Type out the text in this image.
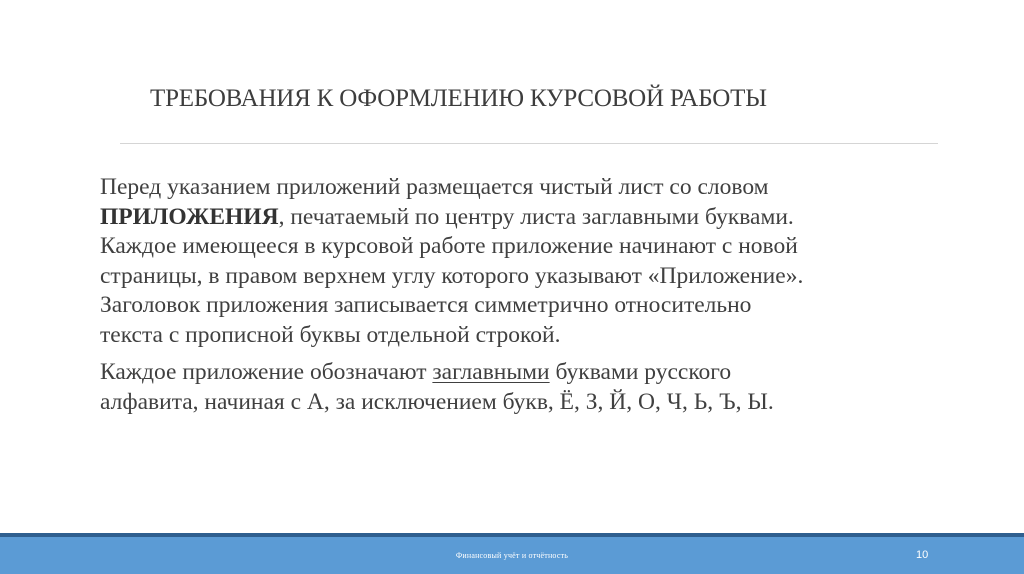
ТРЕБОВАНИЯ К ОФОРМЛЕНИЮ КУРСОВОЙ РАБОТЫ

Перед указанием приложений размещается чистый лист со словом
ПРИЛОЖЕНИЯ, печатаемый по центру листа заглавными буквами.
Каждое имеющееся в курсовой работе приложение начинают с новой
страницы, в правом верхнем углу которого указывают «Приложение».
Заголовок приложения записывается симметрично относительно
текста с прописной буквы отдельной строкой.

Каждое приложение обозначают заглавными буквами русского
алфавита, начиная с А, за исключением букв, Ё, З, Й, О, Ч, Ь, Ъ, Ы.

Финансовый учёт и отчётность	10
